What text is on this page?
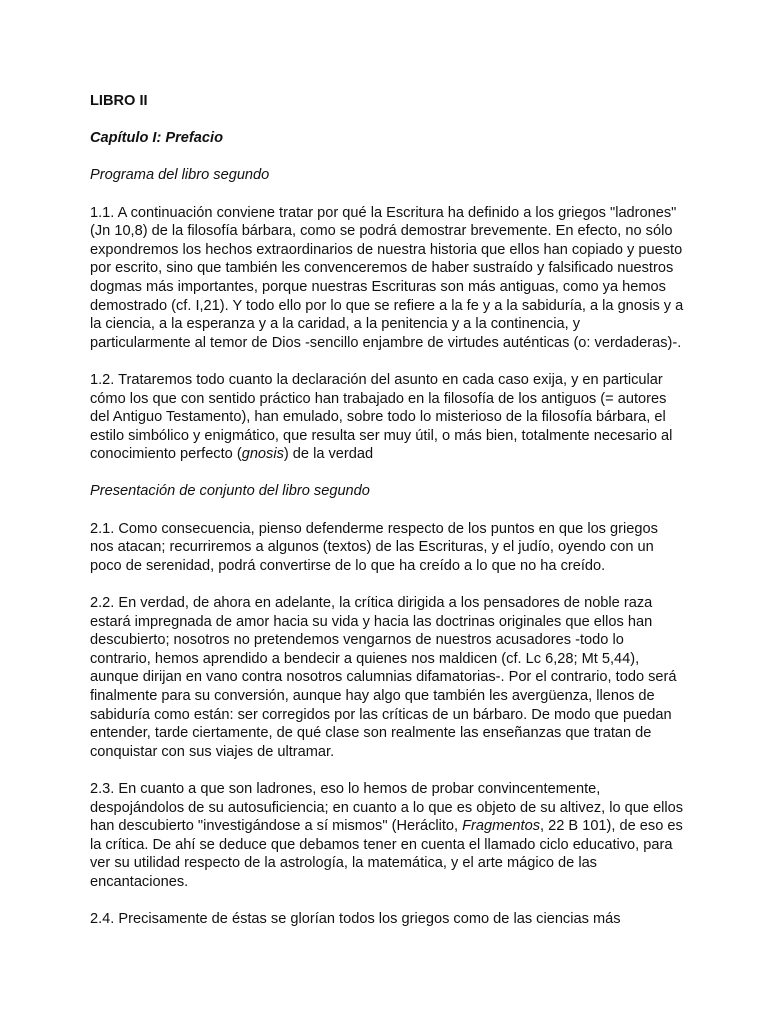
LIBRO II
Capítulo I: Prefacio
Programa del libro segundo

1.1. A continuación conviene tratar por qué la Escritura ha definido a los griegos "ladrones"
(Jn 10,8) de la filosofía bárbara, como se podrá demostrar brevemente. En efecto, no sólo
expondremos los hechos extraordinarios de nuestra historia que ellos han copiado y puesto
por escrito, sino que también les convenceremos de haber sustraído y falsificado nuestros
dogmas más importantes, porque nuestras Escrituras son más antiguas, como ya hemos
demostrado (cf. I,21). Y todo ello por lo que se refiere a la fe y a la sabiduría, a la gnosis y a
la ciencia, a la esperanza y a la caridad, a la penitencia y a la continencia, y
particularmente al temor de Dios -sencillo enjambre de virtudes auténticas (o: verdaderas)-.

1.2. Trataremos todo cuanto la declaración del asunto en cada caso exija, y en particular
cómo los que con sentido práctico han trabajado en la filosofía de los antiguos (= autores
del Antiguo Testamento), han emulado, sobre todo lo misterioso de la filosofía bárbara, el
estilo simbólico y enigmático, que resulta ser muy útil, o más bien, totalmente necesario al
conocimiento perfecto (gnosis) de la verdad

Presentación de conjunto del libro segundo

2.1. Como consecuencia, pienso defenderme respecto de los puntos en que los griegos
nos atacan; recurriremos a algunos (textos) de las Escrituras, y el judío, oyendo con un
poco de serenidad, podrá convertirse de lo que ha creído a lo que no ha creído.

2.2. En verdad, de ahora en adelante, la crítica dirigida a los pensadores de noble raza
estará impregnada de amor hacia su vida y hacia las doctrinas originales que ellos han
descubierto; nosotros no pretendemos vengarnos de nuestros acusadores -todo lo
contrario, hemos aprendido a bendecir a quienes nos maldicen (cf. Lc 6,28; Mt 5,44),
aunque dirijan en vano contra nosotros calumnias difamatorias-. Por el contrario, todo será
finalmente para su conversión, aunque hay algo que también les avergüenza, llenos de
sabiduría como están: ser corregidos por las críticas de un bárbaro. De modo que puedan
entender, tarde ciertamente, de qué clase son realmente las enseñanzas que tratan de
conquistar con sus viajes de ultramar.

2.3. En cuanto a que son ladrones, eso lo hemos de probar convincentemente,
despojándolos de su autosuficiencia; en cuanto a lo que es objeto de su altivez, lo que ellos
han descubierto "investigándose a sí mismos" (Heráclito, Fragmentos, 22 B 101), de eso es
la crítica. De ahí se deduce que debamos tener en cuenta el llamado ciclo educativo, para
ver su utilidad respecto de la astrología, la matemática, y el arte mágico de las
encantaciones.

2.4. Precisamente de éstas se glorían todos los griegos como de las ciencias más
